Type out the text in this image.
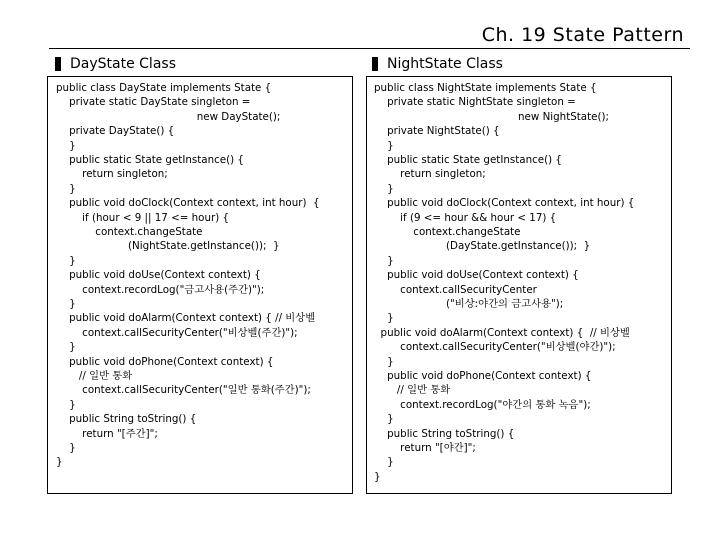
Ch. 19 State Pattern
DayState Class	NightState Class
public class DayState implements State {
private static DayState singleton =
new DayState();
private DayState() {
}
public static State getInstance() {
return singleton;
}
public void doClock(Context context, int hour)  {
if (hour < 9 || 17 <= hour) {
context.changeState
(NightState.getInstance());  }
}
public void doUse(Context context) {
context.recordLog("금고사용(주간)");
}
public void doAlarm(Context context) { // 비상벨
context.callSecurityCenter("비상벨(주간)");
}
public void doPhone(Context context) {
// 일반 통화
context.callSecurityCenter("일반 통화(주간)");
}
public String toString() {
return "[주간]";
}
}
public class NightState implements State {
private static NightState singleton =
new NightState();
private NightState() {
}
public static State getInstance() {
return singleton;
}
public void doClock(Context context, int hour) {
if (9 <= hour && hour < 17) {
context.changeState
(DayState.getInstance());  }
}
public void doUse(Context context) {
context.callSecurityCenter
("비상:야간의 금고사용");
}
public void doAlarm(Context context) {  // 비상벨
context.callSecurityCenter("비상벨(야간)");
}
public void doPhone(Context context) {
// 일반 통화
context.recordLog("야간의 통화 녹음");
}
public String toString() {
return "[야간]";
}
}
